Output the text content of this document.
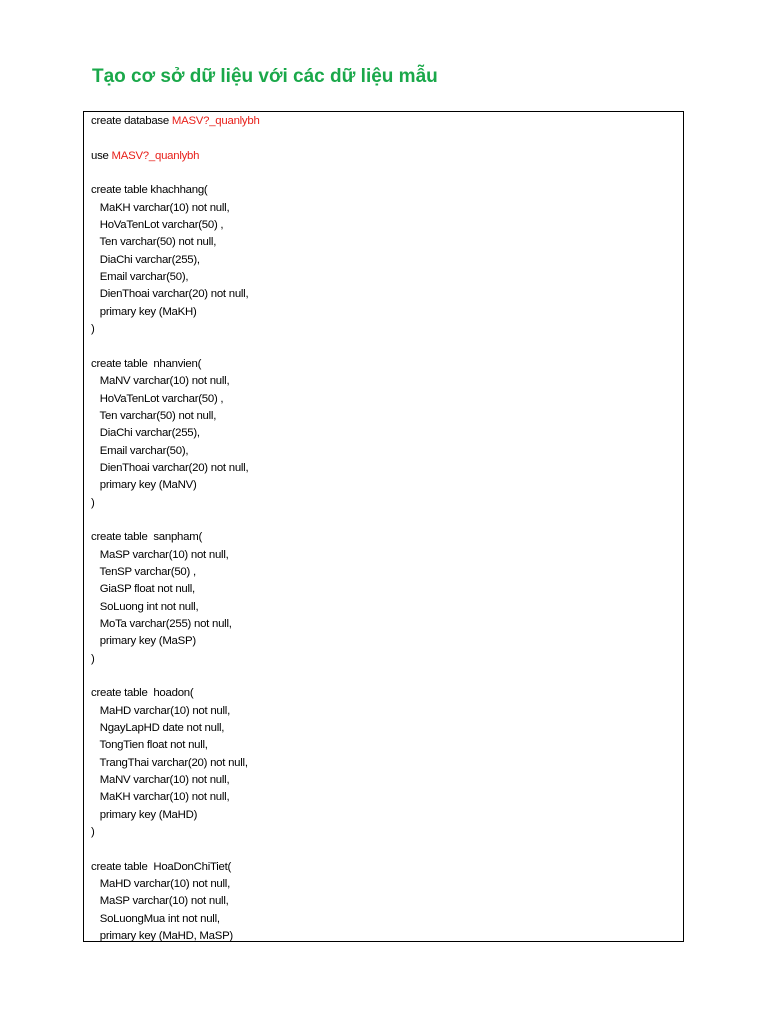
Tạo cơ sở dữ liệu với các dữ liệu mẫu
create database MASV?_quanlybh

use MASV?_quanlybh

create table khachhang(
MaKH varchar(10) not null,
HoVaTenLot varchar(50) ,
Ten varchar(50) not null,
DiaChi varchar(255),
Email varchar(50),
DienThoai varchar(20) not null,
primary key (MaKH)
)

create table  nhanvien(
MaNV varchar(10) not null,
HoVaTenLot varchar(50) ,
Ten varchar(50) not null,
DiaChi varchar(255),
Email varchar(50),
DienThoai varchar(20) not null,
primary key (MaNV)
)

create table  sanpham(
MaSP varchar(10) not null,
TenSP varchar(50) ,
GiaSP float not null,
SoLuong int not null,
MoTa varchar(255) not null,
primary key (MaSP)
)

create table  hoadon(
MaHD varchar(10) not null,
NgayLapHD date not null,
TongTien float not null,
TrangThai varchar(20) not null,
MaNV varchar(10) not null,
MaKH varchar(10) not null,
primary key (MaHD)
)

create table  HoaDonChiTiet(
MaHD varchar(10) not null,
MaSP varchar(10) not null,
SoLuongMua int not null,
primary key (MaHD, MaSP)
